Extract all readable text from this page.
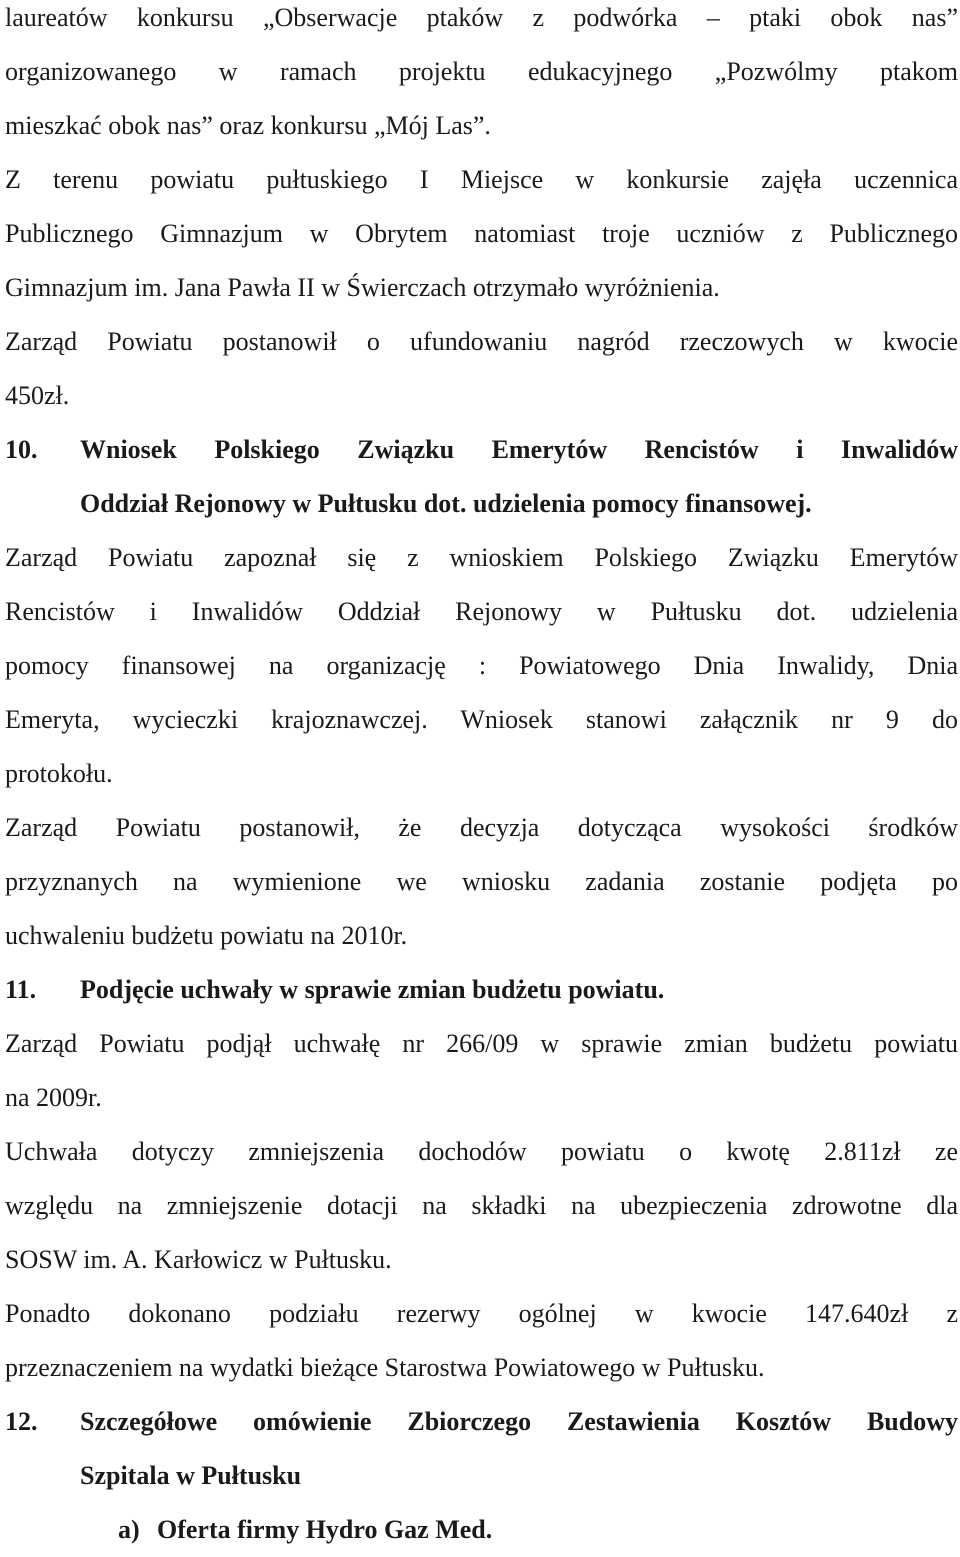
laureatów konkursu „Obserwacje ptaków z podwórka – ptaki obok nas”
organizowanego w ramach projektu edukacyjnego „Pozwólmy ptakom
mieszkać obok nas” oraz konkursu „Mój Las”.
Z terenu powiatu pułtuskiego I Miejsce w konkursie zajęła uczennica
Publicznego Gimnazjum w Obrytem natomiast troje uczniów z Publicznego
Gimnazjum im. Jana Pawła II w Świerczach otrzymało wyróżnienia.
Zarząd Powiatu postanowił o ufundowaniu nagród rzeczowych w kwocie
450zł.
10. Wniosek Polskiego Związku Emerytów Rencistów i Inwalidów
Oddział Rejonowy w Pułtusku dot. udzielenia pomocy finansowej.
Zarząd Powiatu zapoznał się z wnioskiem Polskiego Związku Emerytów
Rencistów i Inwalidów Oddział Rejonowy w Pułtusku dot. udzielenia
pomocy finansowej na organizację : Powiatowego Dnia Inwalidy, Dnia
Emeryta, wycieczki krajoznawczej. Wniosek stanowi załącznik nr 9 do
protokołu.
Zarząd Powiatu postanowił, że decyzja dotycząca wysokości środków
przyznanych na wymienione we wniosku zadania zostanie podjęta po
uchwaleniu budżetu powiatu na 2010r.
11. Podjęcie uchwały w sprawie zmian budżetu powiatu.
Zarząd Powiatu podjął uchwałę nr 266/09 w sprawie zmian budżetu powiatu
na 2009r.
Uchwała dotyczy zmniejszenia dochodów powiatu o kwotę 2.811zł ze
względu na zmniejszenie dotacji na składki na ubezpieczenia zdrowotne dla
SOSW im. A. Karłowicz w Pułtusku.
Ponadto dokonano podziału rezerwy ogólnej w kwocie 147.640zł z
przeznaczeniem na wydatki bieżące Starostwa Powiatowego w Pułtusku.
12. Szczegółowe omówienie Zbiorczego Zestawienia Kosztów Budowy
Szpitala w Pułtusku
a) Oferta firmy Hydro Gaz Med.
